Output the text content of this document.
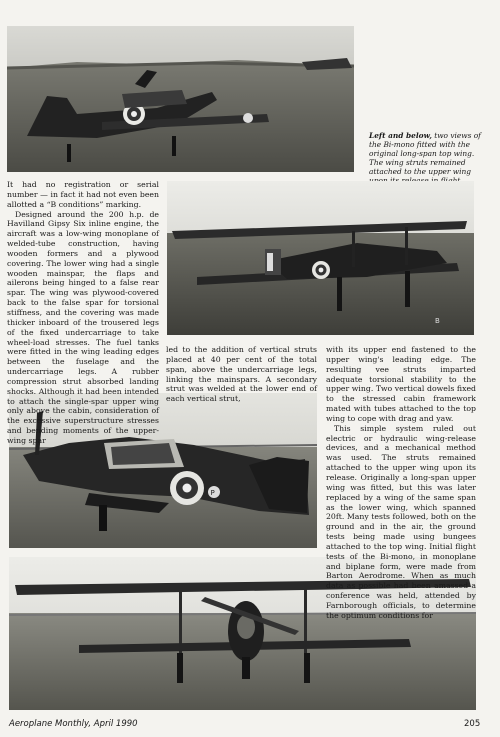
Left and below, two views of the Bi-mono fitted with the original long-span top wing. The wing struts remained attached to the upper wing
B
P

It had no registration or serial number — in fact it had not even been allotted a “B conditions” marking.

Designed around the 200 h.p. de Havilland Gipsy Six inline engine, the aircraft was a low-wing monoplane of welded-tube construction, having wooden formers and a plywood covering. The lower wing had a single wooden mainspar, the flaps and ailerons being hinged to a false rear spar. The wing was plywood-covered back to the false spar for torsional stiffness, and the covering was made thicker inboard of the trousered legs of the fixed undercarriage to take wheel-load stresses. The fuel tanks were fitted in the wing leading edges between the fuselage and the undercarriage legs. A rubber compression strut absorbed landing shocks. Although it had been intended to attach the single-spar upper wing only above the cabin, consideration of the excessive superstructure stresses and bending moments of the upper-wing spar

led to the addition of vertical struts placed at 40 per cent of the total span, above the undercarriage legs, linking the mainspars. A secondary strut was welded at the lower end of each vertical strut,

with its upper end fastened to the upper wing's leading edge. The resulting vee struts imparted adequate torsional stability to the upper wing. Two vertical dowels fixed to the stressed cabin framework mated with tubes attached to the top wing to cope with drag and yaw.

This simple system ruled out electric or hydraulic wing-release devices, and a mechanical method was used. The struts remained attached to the upper wing upon its release. Originally a long-span upper wing was fitted, but this was later replaced by a wing of the same span as the lower wing, which spanned 20ft. Many tests followed, both on the ground and in the air, the ground tests being made using bungees attached to the top wing. Initial flight tests of the Bi-mono, in monoplane and biplane form, were made from Barton Aerodrome. When as much data as possible had been amassed a conference was held, attended by Farnborough officials, to determine the optimum conditions for

Aeroplane Monthly, April 1990	205
